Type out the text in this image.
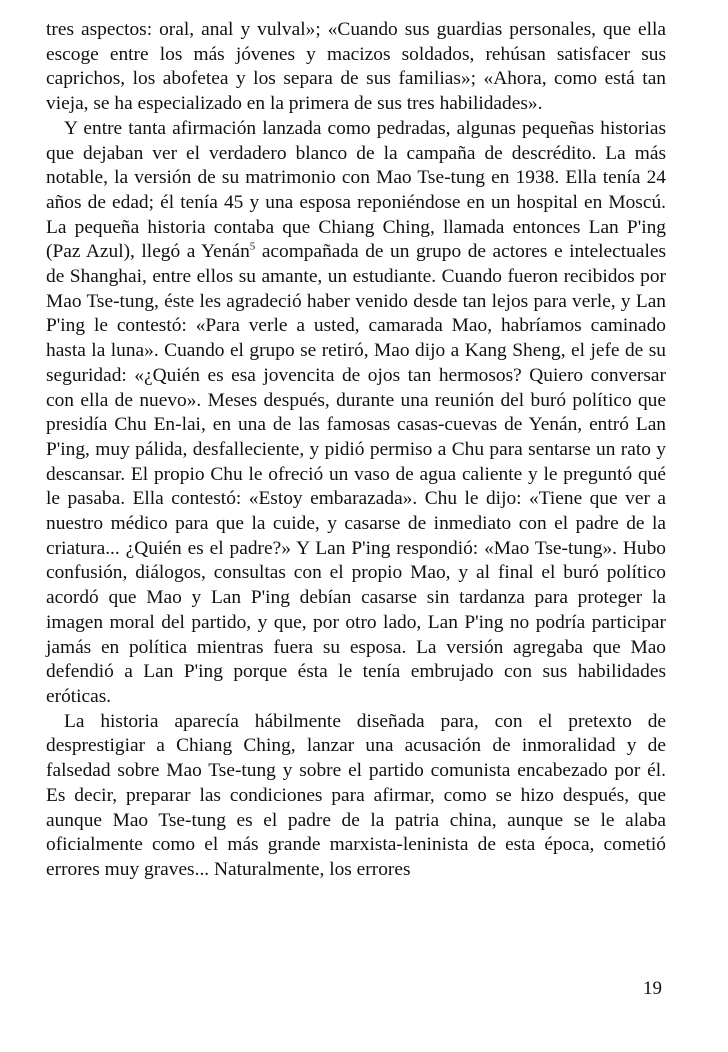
tres aspectos: oral, anal y vulval»; «Cuando sus guardias personales, que ella escoge entre los más jóvenes y macizos soldados, rehúsan satisfacer sus caprichos, los abofetea y los separa de sus familias»; «Ahora, como está tan vieja, se ha especializado en la primera de sus tres habilidades».

Y entre tanta afirmación lanzada como pedradas, algunas pequeñas historias que dejaban ver el verdadero blanco de la campaña de descrédito. La más notable, la versión de su matrimonio con Mao Tse-tung en 1938. Ella tenía 24 años de edad; él tenía 45 y una esposa reponiéndose en un hospital en Moscú. La pequeña historia contaba que Chiang Ching, llamada entonces Lan P'ing (Paz Azul), llegó a Yenán$^5$ acompañada de un grupo de actores e intelectuales de Shanghai, entre ellos su amante, un estudiante. Cuando fueron recibidos por Mao Tse-tung, éste les agradeció haber venido desde tan lejos para verle, y Lan P'ing le contestó: «Para verle a usted, camarada Mao, habríamos caminado hasta la luna». Cuando el grupo se retiró, Mao dijo a Kang Sheng, el jefe de su seguridad: «¿Quién es esa jovencita de ojos tan hermosos? Quiero conversar con ella de nuevo». Meses después, durante una reunión del buró político que presidía Chu En-lai, en una de las famosas casas-cuevas de Yenán, entró Lan P'ing, muy pálida, desfalleciente, y pidió permiso a Chu para sentarse un rato y descansar. El propio Chu le ofreció un vaso de agua caliente y le preguntó qué le pasaba. Ella contestó: «Estoy embarazada». Chu le dijo: «Tiene que ver a nuestro médico para que la cuide, y casarse de inmediato con el padre de la criatura... ¿Quién es el padre?» Y Lan P'ing respondió: «Mao Tse-tung». Hubo confusión, diálogos, consultas con el propio Mao, y al final el buró político acordó que Mao y Lan P'ing debían casarse sin tardanza para proteger la imagen moral del partido, y que, por otro lado, Lan P'ing no podría participar jamás en política mientras fuera su esposa. La versión agregaba que Mao defendió a Lan P'ing porque ésta le tenía embrujado con sus habilidades eróticas.

La historia aparecía hábilmente diseñada para, con el pretexto de desprestigiar a Chiang Ching, lanzar una acusación de inmoralidad y de falsedad sobre Mao Tse-tung y sobre el partido comunista encabezado por él. Es decir, preparar las condiciones para afirmar, como se hizo después, que aunque Mao Tse-tung es el padre de la patria china, aunque se le alaba oficialmente como el más grande marxista-leninista de esta época, cometió errores muy graves... Naturalmente, los errores

19
